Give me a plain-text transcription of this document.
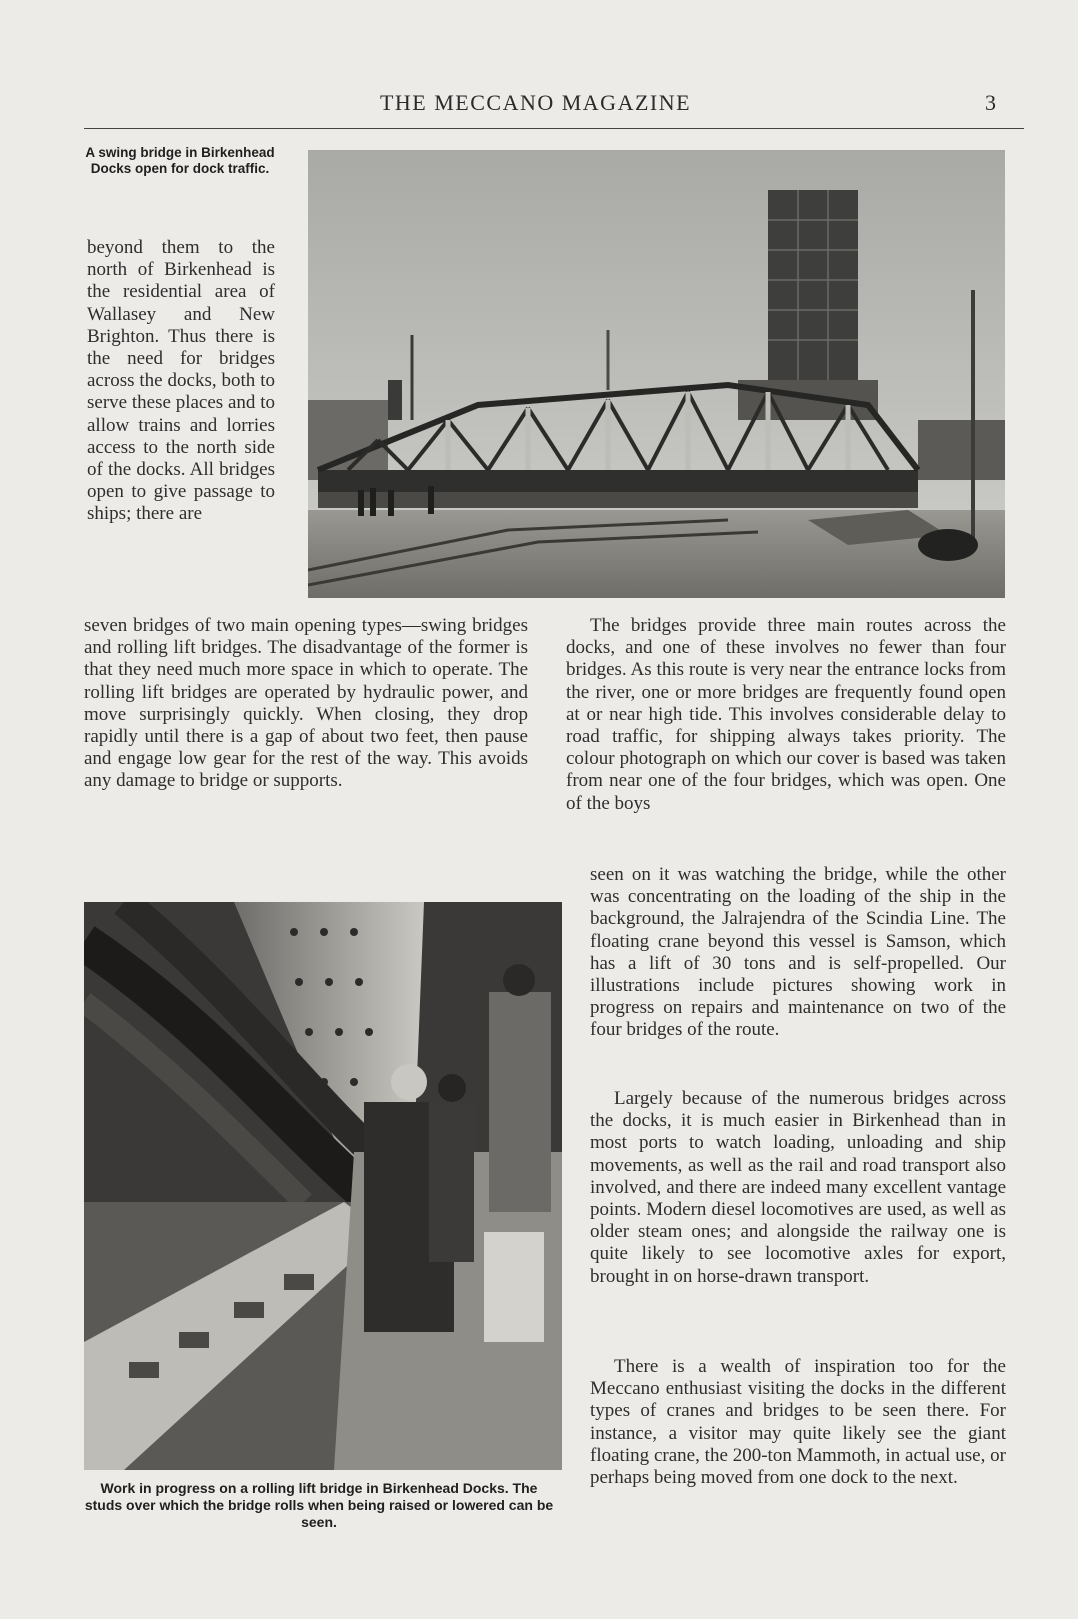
THE MECCANO MAGAZINE	3
A swing bridge in Birkenhead Docks open for dock traffic.

beyond them to the north of Birkenhead is the residential area of Wallasey and New Brighton. Thus there is the need for bridges across the docks, both to serve these places and to allow trains and lorries access to the north side of the docks. All bridges open to give passage to ships; there are

seven bridges of two main opening types—swing bridges and rolling lift bridges. The disadvantage of the former is that they need much more space in which to operate. The rolling lift bridges are operated by hydraulic power, and move surprisingly quickly. When closing, they drop rapidly until there is a gap of about two feet, then pause and engage low gear for the rest of the way. This avoids any damage to bridge or supports.

Work in progress on a rolling lift bridge in Birkenhead Docks. The studs over which the bridge rolls when being raised or lowered can be seen.

The bridges provide three main routes across the docks, and one of these involves no fewer than four bridges. As this route is very near the entrance locks from the river, one or more bridges are frequently found open at or near high tide. This involves considerable delay to road traffic, for shipping always takes priority. The colour photograph on which our cover is based was taken from near one of the four bridges, which was open. One of the boys

seen on it was watching the bridge, while the other was concentrating on the loading of the ship in the background, the Jalrajendra of the Scindia Line. The floating crane beyond this vessel is Samson, which has a lift of 30 tons and is self-propelled. Our illustrations include pictures showing work in progress on repairs and maintenance on two of the four bridges of the route.

Largely because of the numerous bridges across the docks, it is much easier in Birkenhead than in most ports to watch loading, unloading and ship movements, as well as the rail and road transport also involved, and there are indeed many excellent vantage points. Modern diesel locomotives are used, as well as older steam ones; and alongside the railway one is quite likely to see locomotive axles for export, brought in on horse-drawn transport.

There is a wealth of inspiration too for the Meccano enthusiast visiting the docks in the different types of cranes and bridges to be seen there. For instance, a visitor may quite likely see the giant floating crane, the 200-ton Mammoth, in actual use, or perhaps being moved from one dock to the next.
